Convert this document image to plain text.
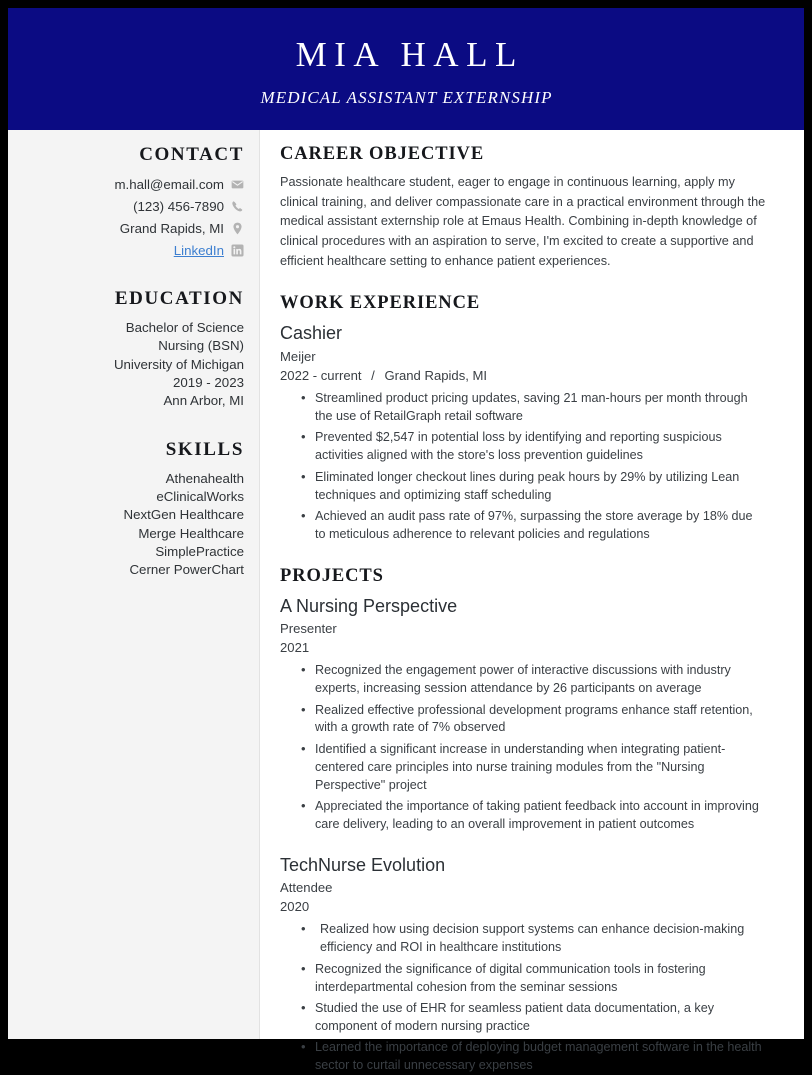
MIA HALL
MEDICAL ASSISTANT EXTERNSHIP
CONTACT
m.hall@email.com
(123) 456-7890
Grand Rapids, MI
LinkedIn
EDUCATION
Bachelor of Science
Nursing (BSN)
University of Michigan
2019 - 2023
Ann Arbor, MI
SKILLS
Athenahealth
eClinicalWorks
NextGen Healthcare
Merge Healthcare
SimplePractice
Cerner PowerChart
CAREER OBJECTIVE

Passionate healthcare student, eager to engage in continuous learning, apply my clinical training, and deliver compassionate care in a practical environment through the medical assistant externship role at Emaus Health. Combining in-depth knowledge of clinical procedures with an aspiration to serve, I'm excited to create a supportive and efficient healthcare setting to enhance patient experiences.

WORK EXPERIENCE
Cashier
Meijer
2022 - current / Grand Rapids, MI
• Streamlined product pricing updates, saving 21 man-hours per month through the use of RetailGraph retail software
• Prevented $2,547 in potential loss by identifying and reporting suspicious activities aligned with the store's loss prevention guidelines
• Eliminated longer checkout lines during peak hours by 29% by utilizing Lean techniques and optimizing staff scheduling
• Achieved an audit pass rate of 97%, surpassing the store average by 18% due to meticulous adherence to relevant policies and regulations
PROJECTS
A Nursing Perspective
Presenter
2021
• Recognized the engagement power of interactive discussions with industry experts, increasing session attendance by 26 participants on average
• Realized effective professional development programs enhance staff retention, with a growth rate of 7% observed
• Identified a significant increase in understanding when integrating patient-centered care principles into nurse training modules from the "Nursing Perspective" project
• Appreciated the importance of taking patient feedback into account in improving care delivery, leading to an overall improvement in patient outcomes
TechNurse Evolution
Attendee
2020
• Realized how using decision support systems can enhance decision-making efficiency and ROI in healthcare institutions
• Recognized the significance of digital communication tools in fostering interdepartmental cohesion from the seminar sessions
• Studied the use of EHR for seamless patient data documentation, a key component of modern nursing practice
• Learned the importance of deploying budget management software in the health sector to curtail unnecessary expenses
